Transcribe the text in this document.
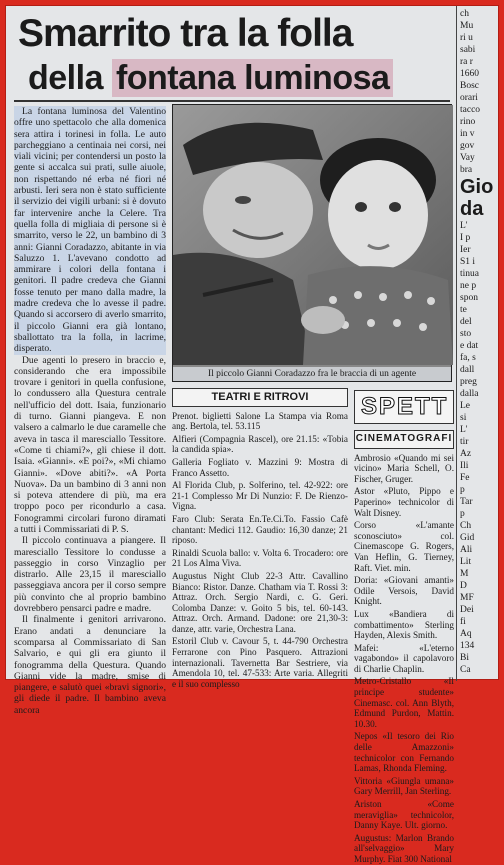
Smarrito tra la folla
della fontana luminosa

La fontana luminosa del Valentino offre uno spettacolo che alla domenica sera attira i torinesi in folla. Le auto parcheggiano a centinaia nei corsi, nei viali vicini; per contendersi un posto la gente si accalca sui prati, sulle aiuole, non rispettando né erba né fiori né arbusti. Ieri sera non è stato sufficiente il servizio dei vigili urbani: si è dovuto far intervenire anche la Celere. Tra quella folla di migliaia di persone si è smarrito, verso le 22, un bambino di 3 anni: Gianni Coradazzo, abitante in via Saluzzo 1. L'avevano condotto ad ammirare i colori della fontana i genitori. Il padre credeva che Gianni fosse tenuto per mano dalla madre, la madre credeva che lo avesse il padre. Quando si accorsero di averlo smarrito, il piccolo Gianni era già lontano, sballottato tra la folla, in lacrime, disperato.

Due agenti lo presero in braccio e, considerando che era impossibile trovare i genitori in quella confusione, lo condussero alla Questura centrale nell'ufficio del dott. Isaia, funzionario di turno. Gianni piangeva. E non valsero a calmarlo le due caramelle che aveva in tasca il maresciallo Tessitore. «Come ti chiami?», gli chiese il dott. Isaia. «Gianni». «E poi?», «Mi chiamo Gianni». «Dove abiti?». «A Porta Nuova». Da un bambino di 3 anni non si poteva attendere di più, ma era troppo poco per ricondurlo a casa. Fonogrammi circolari furono diramati a tutti i Commissariati di P. S.

Il piccolo continuava a piangere. Il maresciallo Tessitore lo condusse a passeggio in corso Vinzaglio per distrarlo. Alle 23,15 il maresciallo passeggiava ancora per il corso sempre più convinto che al proprio bambino dovrebbero pensarci padre e madre.

Il finalmente i genitori arrivarono. Erano andati a denunciare la scomparsa al Commissariato di San Salvario, e qui gli era giunto il fonogramma della Questura. Quando Gianni vide la madre, smise di piangere, e salutò quei «bravi signori», gli diede il padre. Il bambino aveva ancora

Il piccolo Gianni Coradazzo fra le braccia di un agente
TEATRI E RITROVI

Prenot. biglietti Salone La Stampa via Roma ang. Bertola, tel. 53.115

Alfieri (Compagnia Rascel), ore 21.15: «Tobia la candida spia».

Galleria Fogliato v. Mazzini 9: Mostra di Franco Assetto.

Al Florida Club, p. Solferino, tel. 42-922: ore 21-1 Complesso Mr Di Nunzio: F. De Rienzo-Vigna.

Faro Club: Serata En.Te.Ci.To. Fassio Cafè chantant: Medici 112. Gaudio: 16,30 danze; 21 riposo.

Rinaldi Scuola ballo: v. Volta 6. Trocadero: ore 21 Los Alma Viva.

Augustus Night Club 22-3 Attr. Cavallino Bianco: Ristor. Danze. Chatham via T. Rossi 3: Attraz. Orch. Sergio Nardi, c. G. Geri. Colomba Danze: v. Goito 5 bis, tel. 60-143. Attraz. Orch. Armand. Dadone: ore 21,30-3: danze, attr. varie, Orchestra Lana.

Estoril Club v. Cavour 5, t. 44-790 Orchestra Ferrarone con Pino Pasquero. Attrazioni internazionali. Tavernetta Bar Sestriere, via Amendola 10, tel. 47-533: Arte varia. Allegriti e il suo complesso

SPETT
CINEMATOGRAFI

Ambrosio «Quando mi sei vicino» Maria Schell, O. Fischer, Gruger.

Astor «Pluto, Pippo e Paperino» technicolor di Walt Disney.

Corso «L'amante sconosciuto» col. Cinemascope G. Rogers, Van Heflin, G. Tierney, Raft. Viet. min.

Doria: «Giovani amanti» Odile Versois, David Knight.

Lux «Bandiera di combattimento» Sterling Hayden, Alexis Smith.

Mafei: «L'eterno vagabondo» il capolavoro di Charlie Chaplin.

Metro-Cristallo «Il principe studente» Cinemasc. col. Ann Blyth, Edmund Purdon, Mattin. 10.30.

Nepos «Il tesoro dei Rio delle Amazzoni» technicolor con Fernando Lamas, Rhonda Fleming.

Vittoria «Giungla umana» Gary Merrill, Jan Sterling.

Ariston «Come meraviglia» technicolor, Danny Kaye. Ult. giorno.

Augustus: Marlon Brando all'selvaggio» Mary Murphy. Fiat 300 National

ch
Mu
ri u
sabi
ra r
1660
Bosc
orari
tacco
rino
in v
gov
Vay
bra
Gio
da
L'
I p
Ier
S1 i
tinua
ne p
spon
te
del
sto
e dat
fa, s
dall
preg
dalla
Le
si
L'
tir
Az
Ili
Fe
p
Tar
p
Ch
Gid
Ali
Lit
M
D
MF
Dei
fi
Aq
134
Bi
Ca
